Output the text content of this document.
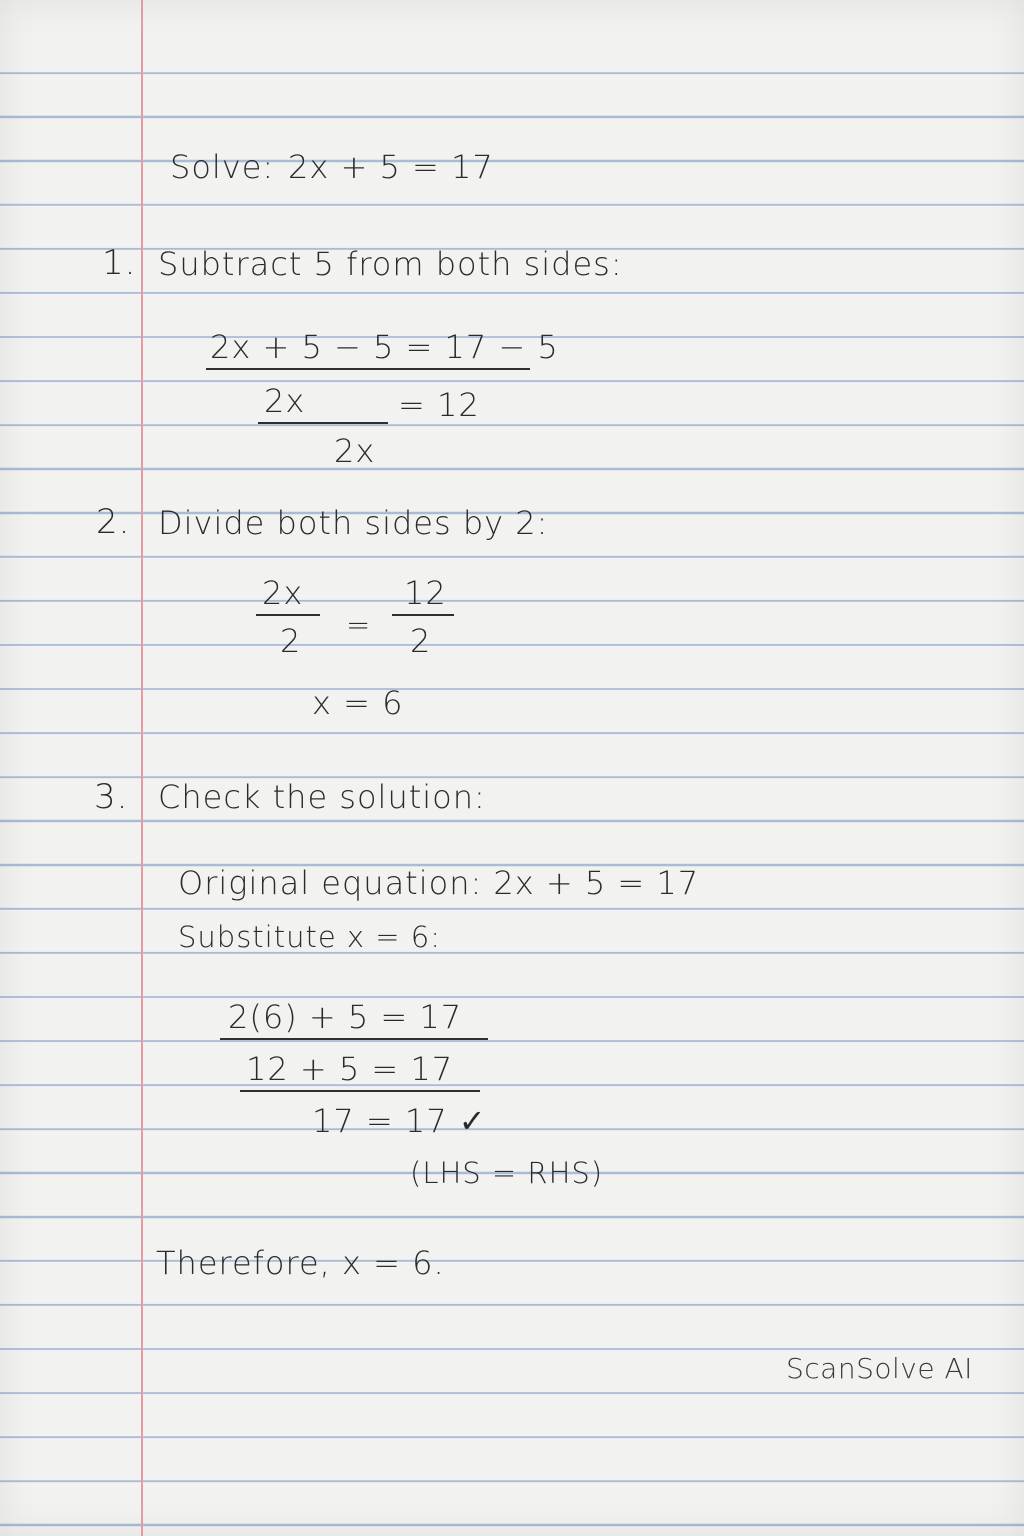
Solve: 2x + 5 = 17
1. Subtract 5 from both sides:
2x + 5 − 5 = 17 − 5
2x	= 12
2x
2. Divide both sides by 2:
2x
2 =
12
2
x = 6
3. Check the solution:
Original equation: 2x + 5 = 17
Substitute x = 6:
2(6) + 5 = 17
12 + 5 = 17
17 = 17 ✓
(LHS = RHS)
Therefore, x = 6.
ScanSolve AI
